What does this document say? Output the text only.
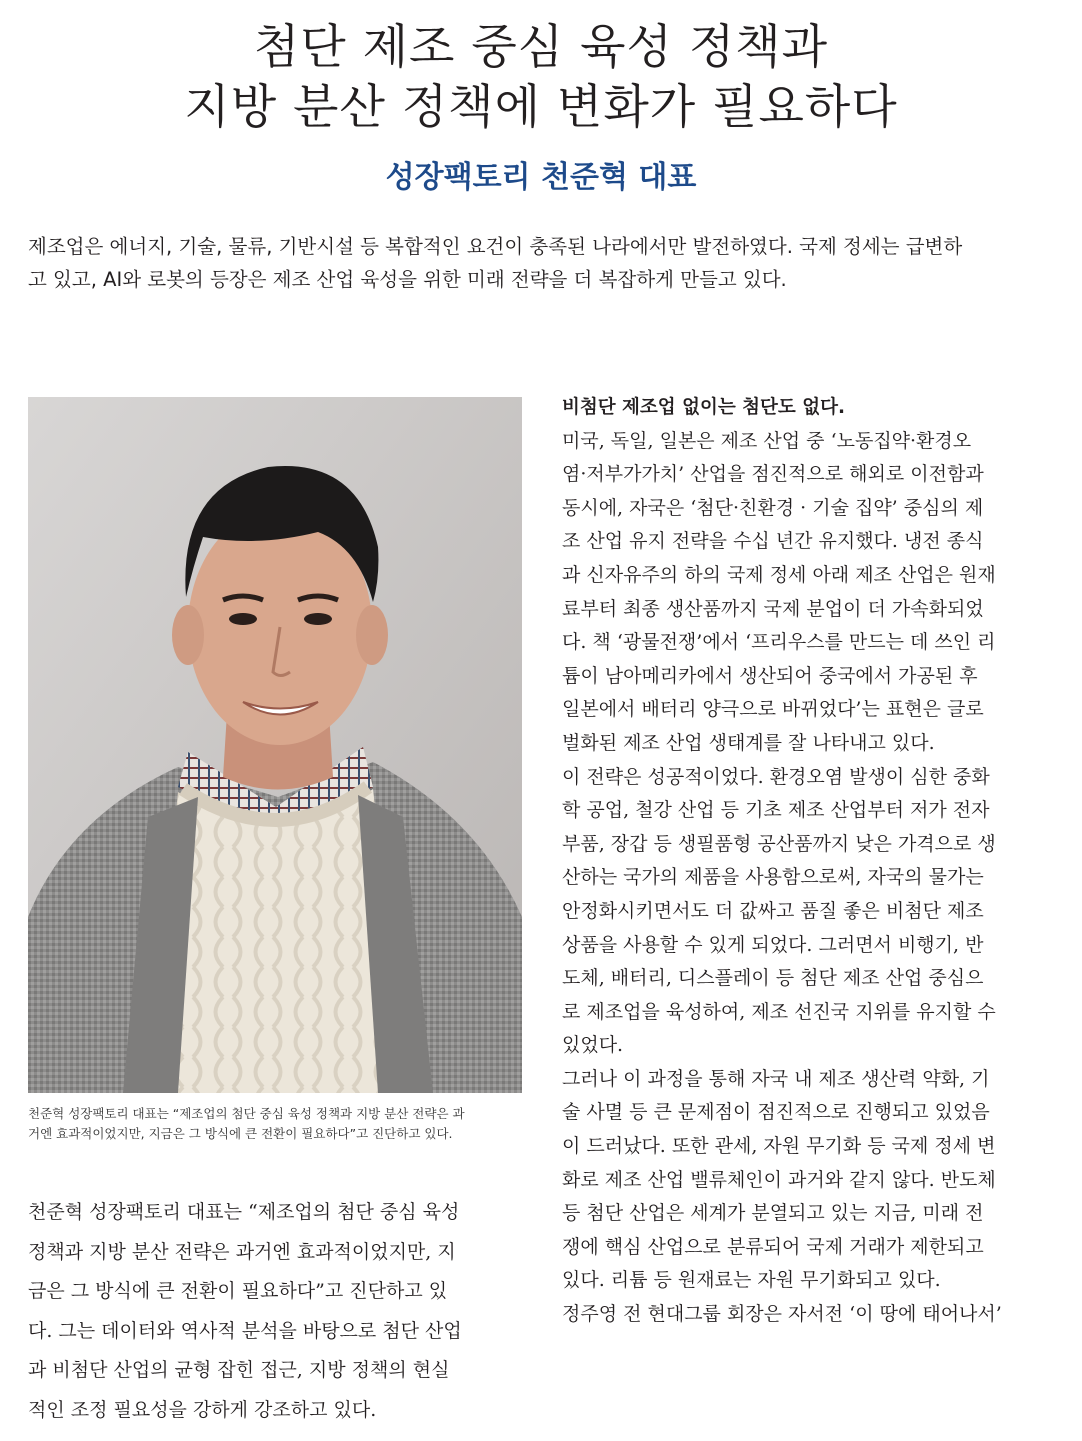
첨단 제조 중심 육성 정책과
지방 분산 정책에 변화가 필요하다
성장팩토리 천준혁 대표
제조업은 에너지, 기술, 물류, 기반시설 등 복합적인 요건이 충족된 나라에서만 발전하였다. 국제 정세는 급변하
고 있고, AI와 로봇의 등장은 제조 산업 육성을 위한 미래 전략을 더 복잡하게 만들고 있다.
천준혁 성장팩토리 대표는 “제조업의 첨단 중심 육성 정책과 지방 분산 전략은 과
거엔 효과적이었지만, 지금은 그 방식에 큰 전환이 필요하다”고 진단하고 있다.
천준혁 성장팩토리 대표는 “제조업의 첨단 중심 육성
정책과 지방 분산 전략은 과거엔 효과적이었지만, 지
금은 그 방식에 큰 전환이 필요하다”고 진단하고 있
다. 그는 데이터와 역사적 분석을 바탕으로 첨단 산업
과 비첨단 산업의 균형 잡힌 접근, 지방 정책의 현실
적인 조정 필요성을 강하게 강조하고 있다.
비첨단 제조업 없이는 첨단도 없다.
미국, 독일, 일본은 제조 산업 중 ‘노동집약·환경오
염·저부가가치’ 산업을 점진적으로 해외로 이전함과
동시에, 자국은 ‘첨단·친환경 · 기술 집약’ 중심의 제
조 산업 유지 전략을 수십 년간 유지했다. 냉전 종식
과 신자유주의 하의 국제 정세 아래 제조 산업은 원재
료부터 최종 생산품까지 국제 분업이 더 가속화되었
다. 책 ‘광물전쟁’에서 ‘프리우스를 만드는 데 쓰인 리
튬이 남아메리카에서 생산되어 중국에서 가공된 후
일본에서 배터리 양극으로 바뀌었다’는 표현은 글로
벌화된 제조 산업 생태계를 잘 나타내고 있다.
이 전략은 성공적이었다. 환경오염 발생이 심한 중화
학 공업, 철강 산업 등 기초 제조 산업부터 저가 전자
부품, 장갑 등 생필품형 공산품까지 낮은 가격으로 생
산하는 국가의 제품을 사용함으로써, 자국의 물가는
안정화시키면서도 더 값싸고 품질 좋은 비첨단 제조
상품을 사용할 수 있게 되었다. 그러면서 비행기, 반
도체, 배터리, 디스플레이 등 첨단 제조 산업 중심으
로 제조업을 육성하여, 제조 선진국 지위를 유지할 수
있었다.
그러나 이 과정을 통해 자국 내 제조 생산력 약화, 기
술 사멸 등 큰 문제점이 점진적으로 진행되고 있었음
이 드러났다. 또한 관세, 자원 무기화 등 국제 정세 변
화로 제조 산업 밸류체인이 과거와 같지 않다. 반도체
등 첨단 산업은 세계가 분열되고 있는 지금, 미래 전
쟁에 핵심 산업으로 분류되어 국제 거래가 제한되고
있다. 리튬 등 원재료는 자원 무기화되고 있다.
정주영 전 현대그룹 회장은 자서전 ‘이 땅에 태어나서’
